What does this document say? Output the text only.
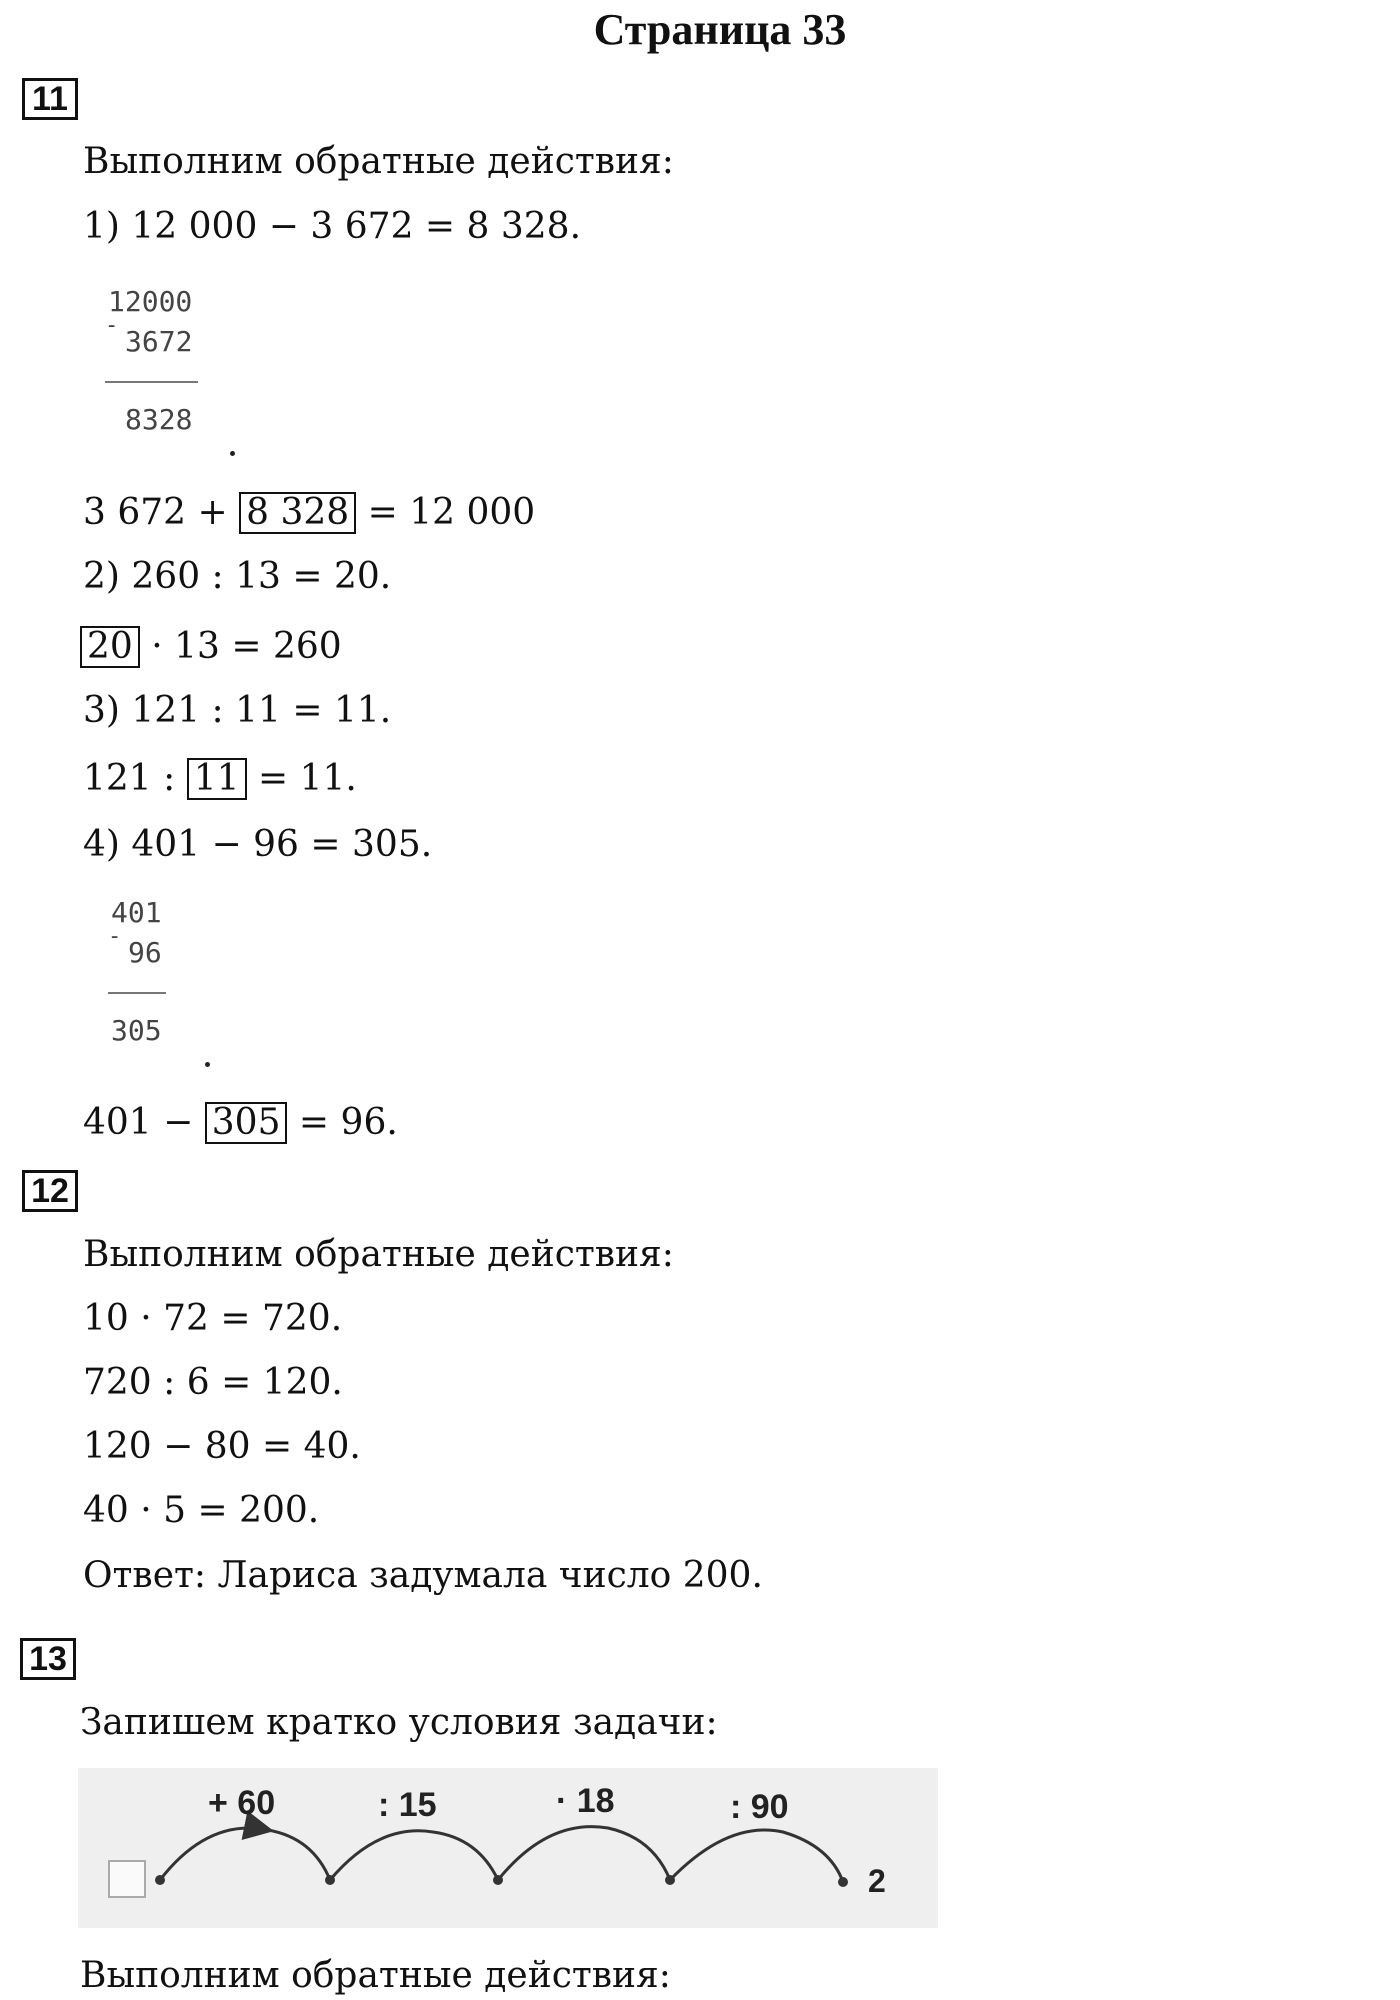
Страница 33
11
Выполним обратные действия:
1) 12 000 − 3 672 = 8 328.
12000
- 3672
8328
3 672 + 8 328 = 12 000
2) 260 : 13 = 20.
20 · 13 = 260
3) 121 : 11 = 11.
121 : 11 = 11.
4) 401 − 96 = 305.
401
- 96
305
401 − 305 = 96.
12
Выполним обратные действия:
10 · 72 = 720.
720 : 6 = 120.
120 − 80 = 40.
40 · 5 = 200.
Ответ: Лариса задумала число 200.
13
Запишем кратко условия задачи:
+ 60	: 15	· 18	: 90
2
Выполним обратные действия:
